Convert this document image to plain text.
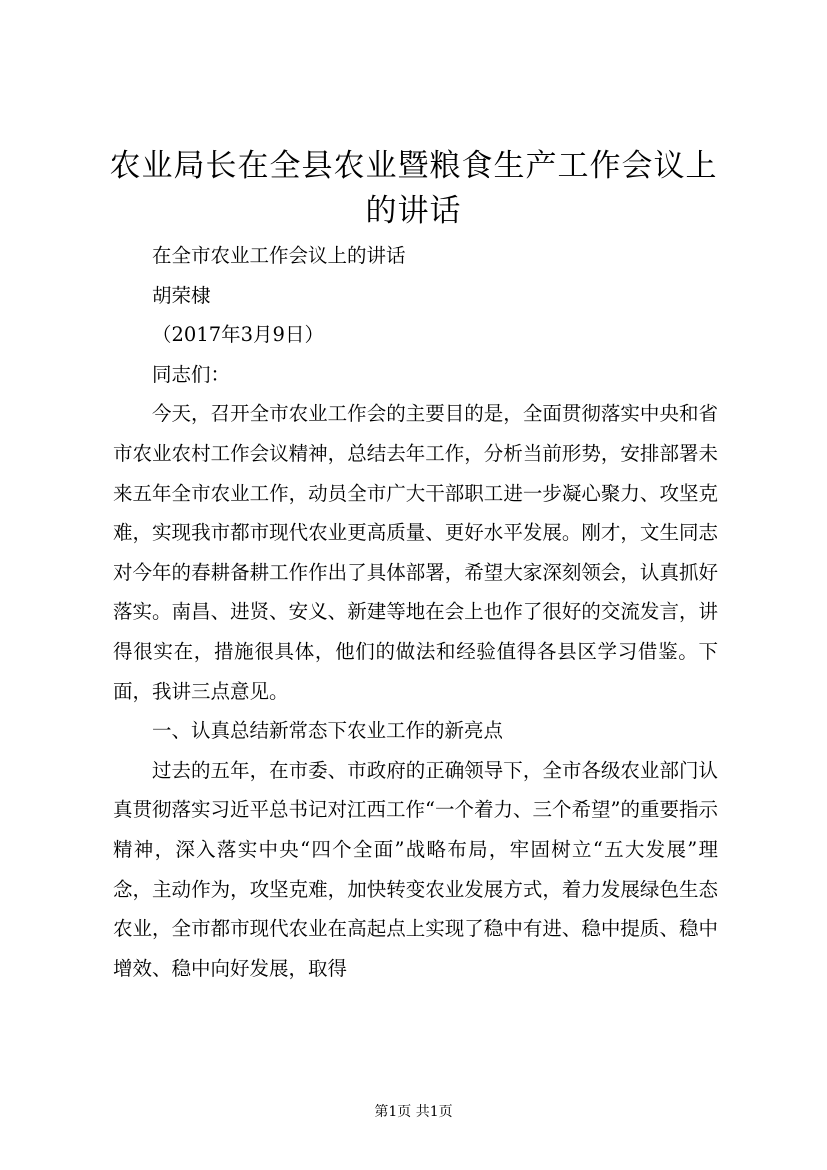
农业局长在全县农业暨粮食生产工作会议上的讲话

在全市农业工作会议上的讲话

胡荣棣

（2017年3月9日）

同志们：

今天，召开全市农业工作会的主要目的是，全面贯彻落实中央和省市农业农村工作会议精神，总结去年工作，分析当前形势，安排部署未来五年全市农业工作，动员全市广大干部职工进一步凝心聚力、攻坚克难，实现我市都市现代农业更高质量、更好水平发展。刚才，文生同志对今年的春耕备耕工作作出了具体部署，希望大家深刻领会，认真抓好落实。南昌、进贤、安义、新建等地在会上也作了很好的交流发言，讲得很实在，措施很具体，他们的做法和经验值得各县区学习借鉴。下面，我讲三点意见。

一、认真总结新常态下农业工作的新亮点

过去的五年，在市委、市政府的正确领导下，全市各级农业部门认真贯彻落实习近平总书记对江西工作“一个着力、三个希望”的重要指示精神，深入落实中央“四个全面”战略布局，牢固树立“五大发展”理念，主动作为，攻坚克难，加快转变农业发展方式，着力发展绿色生态农业，全市都市现代农业在高起点上实现了稳中有进、稳中提质、稳中增效、稳中向好发展，取得

第1页 共1页
